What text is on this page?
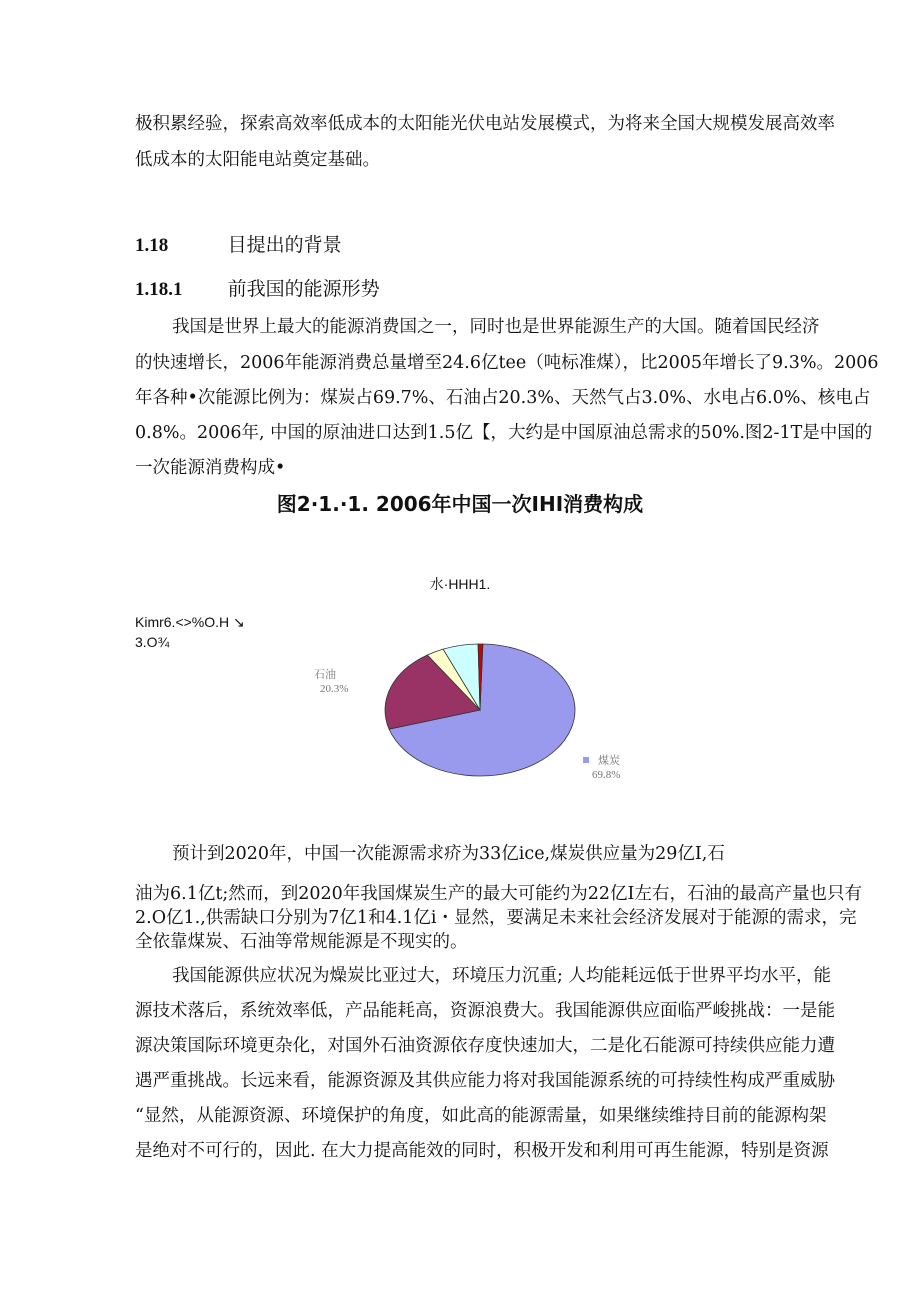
极积累经验，探索高效率低成本的太阳能光伏电站发展模式，为将来全国大规模发展高效率
低成本的太阳能电站奠定基础。
1.18	目提出的背景
1.18.1 前我国的能源形势
我国是世界上最大的能源消费国之一，同时也是世界能源生产的大国。随着国民经济
的快速增长，2006年能源消费总量增至24.6亿tee（吨标准煤），比2005年增长了9.3%。2006
年各种•次能源比例为：煤炭占69.7%、石油占20.3%、天然气占3.0%、水电占6.0%、核电占
0.8%。2006年, 中国的原油进口达到1.5亿【，大约是中国原油总需求的50%.图2-1T是中国的
一次能源消费构成•
图2·1.·1. 2006年中国一次IHI消费构成
水·HHH1.
Kimr6.<>%O.H ↘
3.O¾
煤炭
69.8%
石油
20.3%
预计到2020年，中国一次能源需求疥为33亿ice,煤炭供应量为29亿I,石
油为6.1亿t;然而，到2020年我国煤炭生产的最大可能约为22亿I左右，石油的最高产量也只有
2.O亿1.,供需缺口分别为7亿1和4.1亿i・显然，要满足未来社会经济发展对于能源的需求，完
全依靠煤炭、石油等常规能源是不现实的。
我国能源供应状况为燥炭比亚过大，环境压力沉重; 人均能耗远低于世界平均水平，能
源技术落后，系统效率低，产品能耗高，资源浪费大。我国能源供应面临严峻挑战：一是能
源决策国际环境更杂化，对国外石油资源依存度快速加大，二是化石能源可持续供应能力遭
遇严重挑战。长远来看，能源资源及其供应能力将对我国能源系统的可持续性构成严重威胁
“显然，从能源资源、环境保护的角度，如此高的能源需量，如果继续维持目前的能源构架
是绝对不可行的，因此. 在大力提高能效的同时，积极开发和利用可再生能源，特别是资源
